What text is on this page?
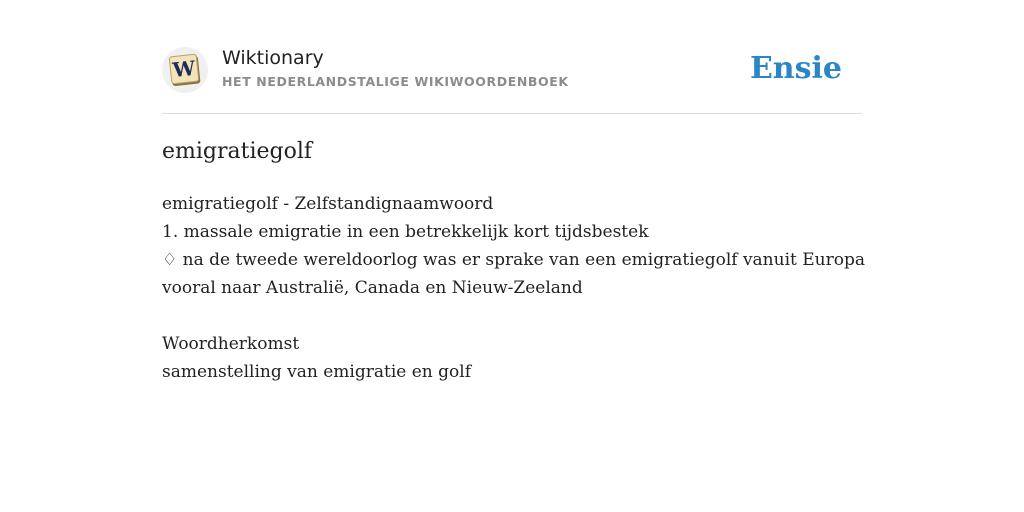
W Wiktionary
HET NEDERLANDSTALIGE WIKIWOORDENBOEK	Ensie
emigratiegolf
emigratiegolf - Zelfstandignaamwoord
1. massale emigratie in een betrekkelijk kort tijdsbestek
♢ na de tweede wereldoorlog was er sprake van een emigratiegolf vanuit Europa
vooral naar Australië, Canada en Nieuw-Zeeland
Woordherkomst
samenstelling van emigratie en golf
